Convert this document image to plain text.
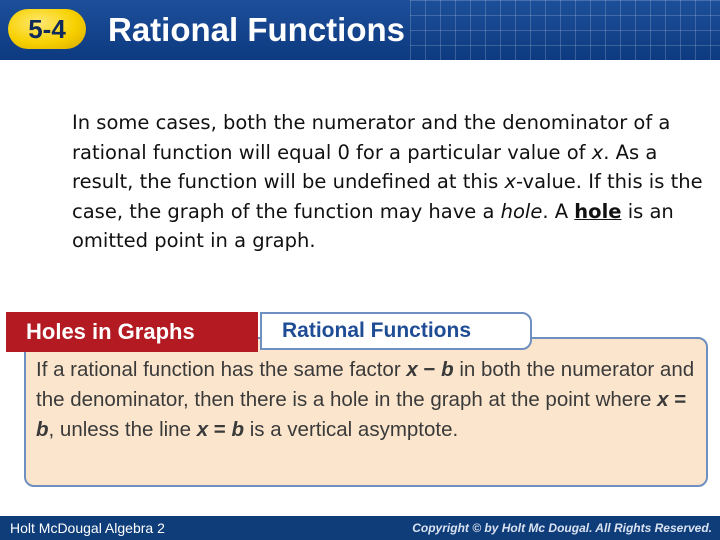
5-4	Rational Functions

In some cases, both the numerator and the denominator of a rational function will equal 0 for a particular value of x. As a result, the function will be undefined at this x-value. If this is the case, the graph of the function may have a hole. A hole is an omitted point in a graph.

Holes in Graphs	Rational Functions

If a rational function has the same factor x − b in both the numerator and the denominator, then there is a hole in the graph at the point where x = b, unless the line x = b is a vertical asymptote.

Holt McDougal Algebra 2	Copyright © by Holt Mc Dougal. All Rights Reserved.
